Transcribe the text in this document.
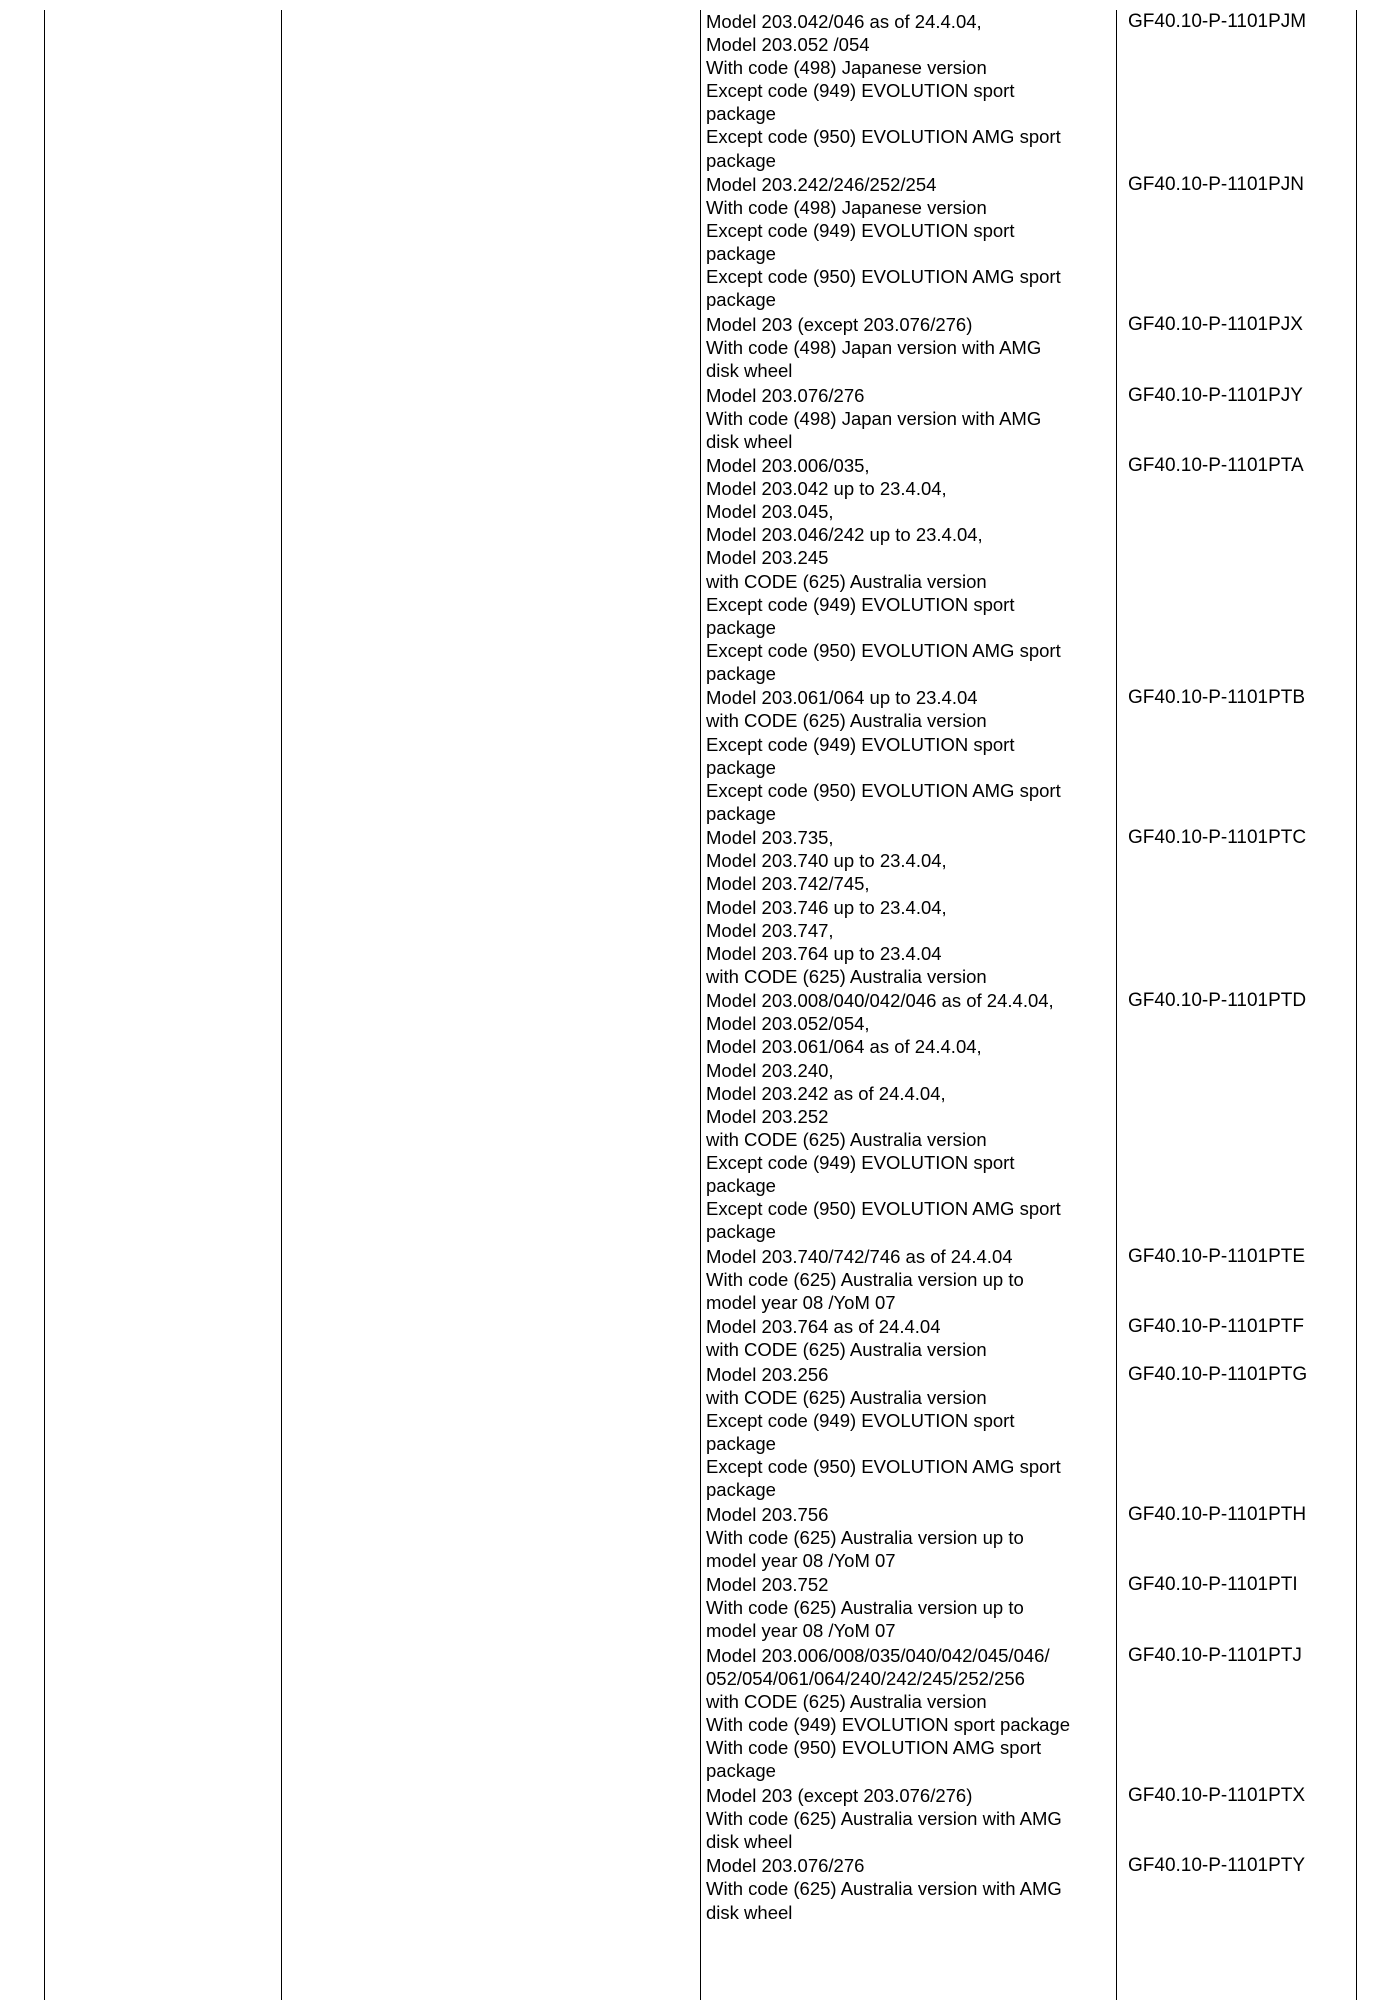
Model 203.042/046 as of 24.4.04,
Model 203.052 /054
With code (498) Japanese version
Except code (949) EVOLUTION sport
package
Except code (950) EVOLUTION AMG sport
package
GF40.10-P-1101PJM
Model 203.242/246/252/254
With code (498) Japanese version
Except code (949) EVOLUTION sport
package
Except code (950) EVOLUTION AMG sport
package
GF40.10-P-1101PJN
Model 203 (except 203.076/276)
With code (498) Japan version with AMG
disk wheel
GF40.10-P-1101PJX
Model 203.076/276
With code (498) Japan version with AMG
disk wheel
GF40.10-P-1101PJY
Model 203.006/035,
Model 203.042 up to 23.4.04,
Model 203.045,
Model 203.046/242 up to 23.4.04,
Model 203.245
with CODE (625) Australia version
Except code (949) EVOLUTION sport
package
Except code (950) EVOLUTION AMG sport
package
GF40.10-P-1101PTA
Model 203.061/064 up to 23.4.04
with CODE (625) Australia version
Except code (949) EVOLUTION sport
package
Except code (950) EVOLUTION AMG sport
package
GF40.10-P-1101PTB
Model 203.735,
Model 203.740 up to 23.4.04,
Model 203.742/745,
Model 203.746 up to 23.4.04,
Model 203.747,
Model 203.764 up to 23.4.04
with CODE (625) Australia version
GF40.10-P-1101PTC
Model 203.008/040/042/046 as of 24.4.04,
Model 203.052/054,
Model 203.061/064 as of 24.4.04,
Model 203.240,
Model 203.242 as of 24.4.04,
Model 203.252
with CODE (625) Australia version
Except code (949) EVOLUTION sport
package
Except code (950) EVOLUTION AMG sport
package
GF40.10-P-1101PTD
Model 203.740/742/746 as of 24.4.04
With code (625) Australia version up to
model year 08 /YoM 07
GF40.10-P-1101PTE
Model 203.764 as of 24.4.04
with CODE (625) Australia version
GF40.10-P-1101PTF
Model 203.256
with CODE (625) Australia version
Except code (949) EVOLUTION sport
package
Except code (950) EVOLUTION AMG sport
package
GF40.10-P-1101PTG
Model 203.756
With code (625) Australia version up to
model year 08 /YoM 07
GF40.10-P-1101PTH
Model 203.752
With code (625) Australia version up to
model year 08 /YoM 07
GF40.10-P-1101PTI
Model 203.006/008/035/040/042/045/046/
052/054/061/064/240/242/245/252/256
with CODE (625) Australia version
With code (949) EVOLUTION sport package
With code (950) EVOLUTION AMG sport
package
GF40.10-P-1101PTJ
Model 203 (except 203.076/276)
With code (625) Australia version with AMG
disk wheel
GF40.10-P-1101PTX
Model 203.076/276
With code (625) Australia version with AMG
disk wheel
GF40.10-P-1101PTY
